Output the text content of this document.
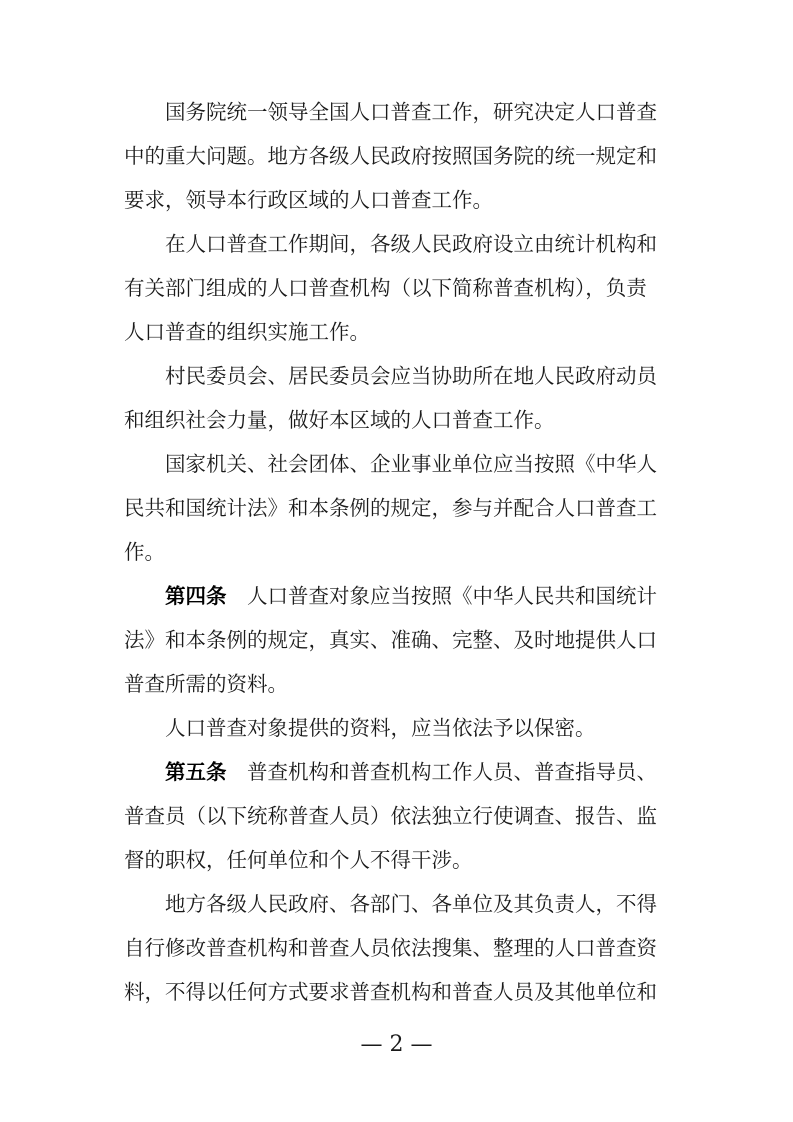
　　国务院统一领导全国人口普查工作，研究决定人口普查
中的重大问题。地方各级人民政府按照国务院的统一规定和
要求，领导本行政区域的人口普查工作。
　　在人口普查工作期间，各级人民政府设立由统计机构和
有关部门组成的人口普查机构（以下简称普查机构），负责
人口普查的组织实施工作。
　　村民委员会、居民委员会应当协助所在地人民政府动员
和组织社会力量，做好本区域的人口普查工作。
　　国家机关、社会团体、企业事业单位应当按照《中华人
民共和国统计法》和本条例的规定，参与并配合人口普查工
作。
　　第四条　人口普查对象应当按照《中华人民共和国统计
法》和本条例的规定，真实、准确、完整、及时地提供人口
普查所需的资料。
　　人口普查对象提供的资料，应当依法予以保密。
　　第五条　普查机构和普查机构工作人员、普查指导员、
普查员（以下统称普查人员）依法独立行使调查、报告、监
督的职权，任何单位和个人不得干涉。
　　地方各级人民政府、各部门、各单位及其负责人，不得
自行修改普查机构和普查人员依法搜集、整理的人口普查资
料，不得以任何方式要求普查机构和普查人员及其他单位和
— 2 —
